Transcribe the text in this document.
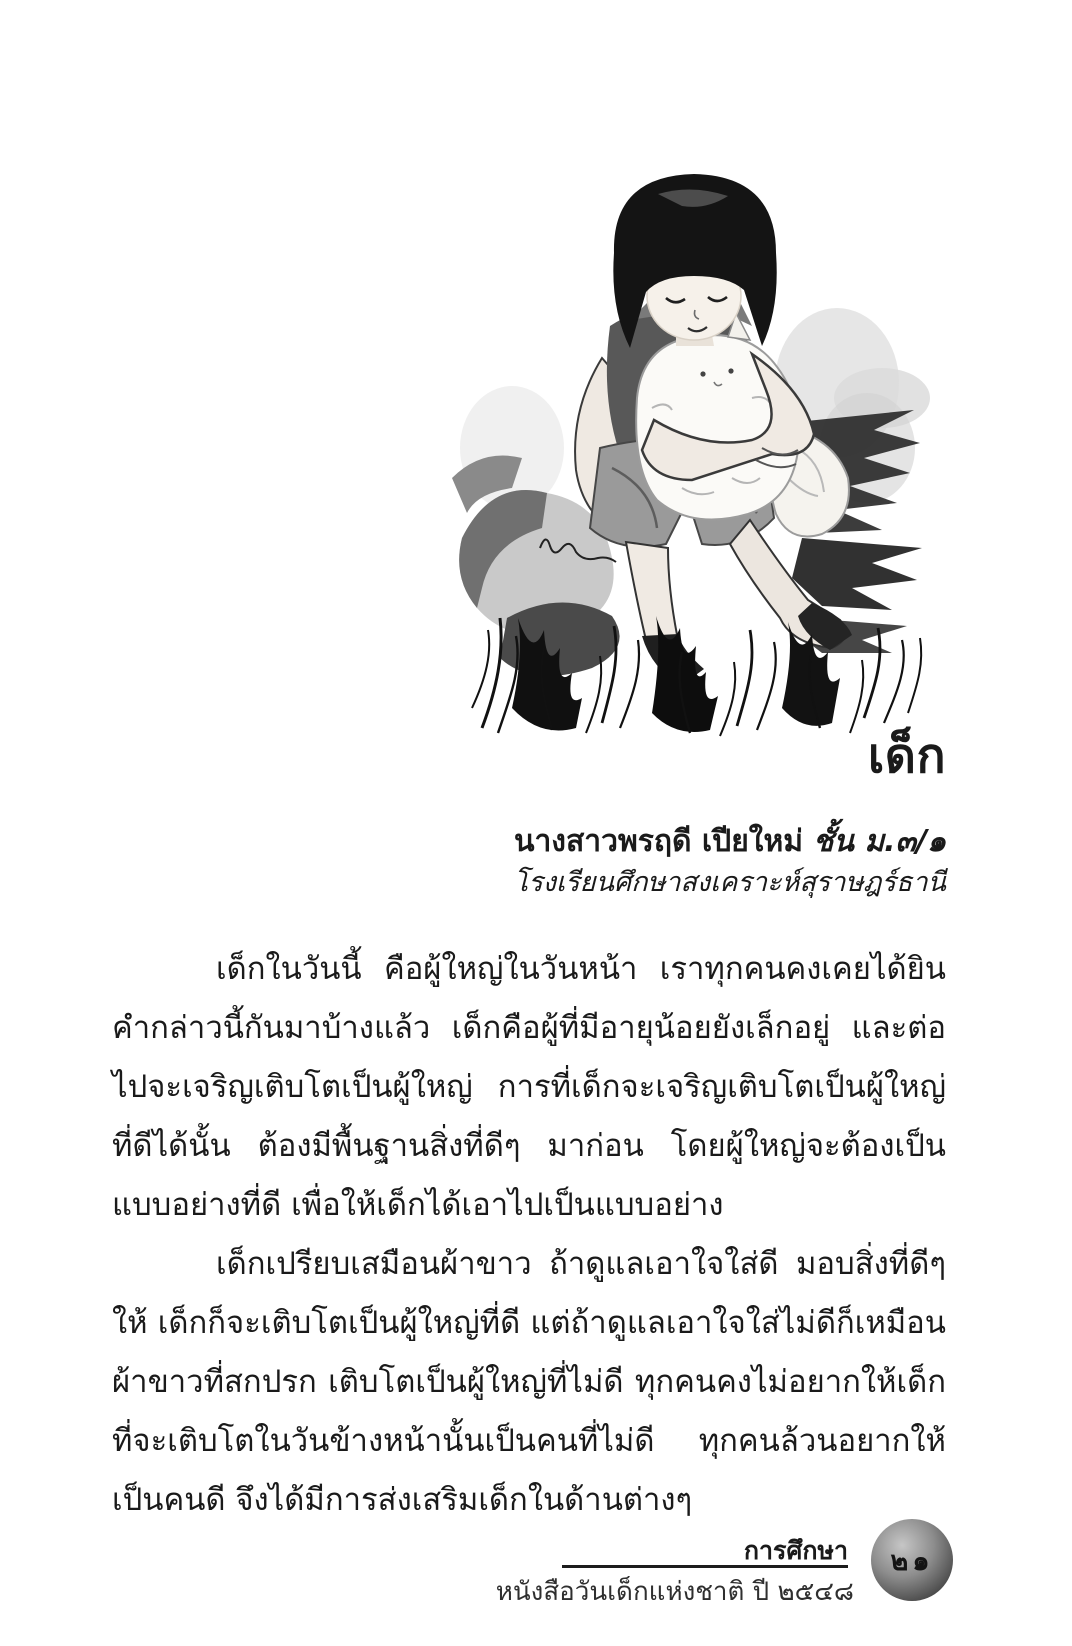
เด็ก
นางสาวพรฤดี เปียใหม่ ชั้น ม.๓/๑
โรงเรียนศึกษาสงเคราะห์สุราษฎร์ธานี

เด็กในวันนี้ คือผู้ใหญ่ในวันหน้า เราทุกคนคงเคยได้ยินคำกล่าวนี้กันมาบ้างแล้ว เด็กคือผู้ที่มีอายุน้อยยังเล็กอยู่ และต่อไปจะเจริญเติบโตเป็นผู้ใหญ่ การที่เด็กจะเจริญเติบโตเป็นผู้ใหญ่ที่ดีได้นั้น ต้องมีพื้นฐานสิ่งที่ดีๆ มาก่อน โดยผู้ใหญ่จะต้องเป็นแบบอย่างที่ดี เพื่อให้เด็กได้เอาไปเป็นแบบอย่าง

เด็กเปรียบเสมือนผ้าขาว ถ้าดูแลเอาใจใส่ดี มอบสิ่งที่ดีๆ ให้ เด็กก็จะเติบโตเป็นผู้ใหญ่ที่ดี แต่ถ้าดูแลเอาใจใส่ไม่ดีก็เหมือนผ้าขาวที่สกปรก เติบโตเป็นผู้ใหญ่ที่ไม่ดี ทุกคนคงไม่อยากให้เด็กที่จะเติบโตในวันข้างหน้านั้นเป็นคนที่ไม่ดี ทุกคนล้วนอยากให้เป็นคนดี จึงได้มีการส่งเสริมเด็กในด้านต่างๆ

การศึกษา
หนังสือวันเด็กแห่งชาติ ปี ๒๕๔๘
๒๑
